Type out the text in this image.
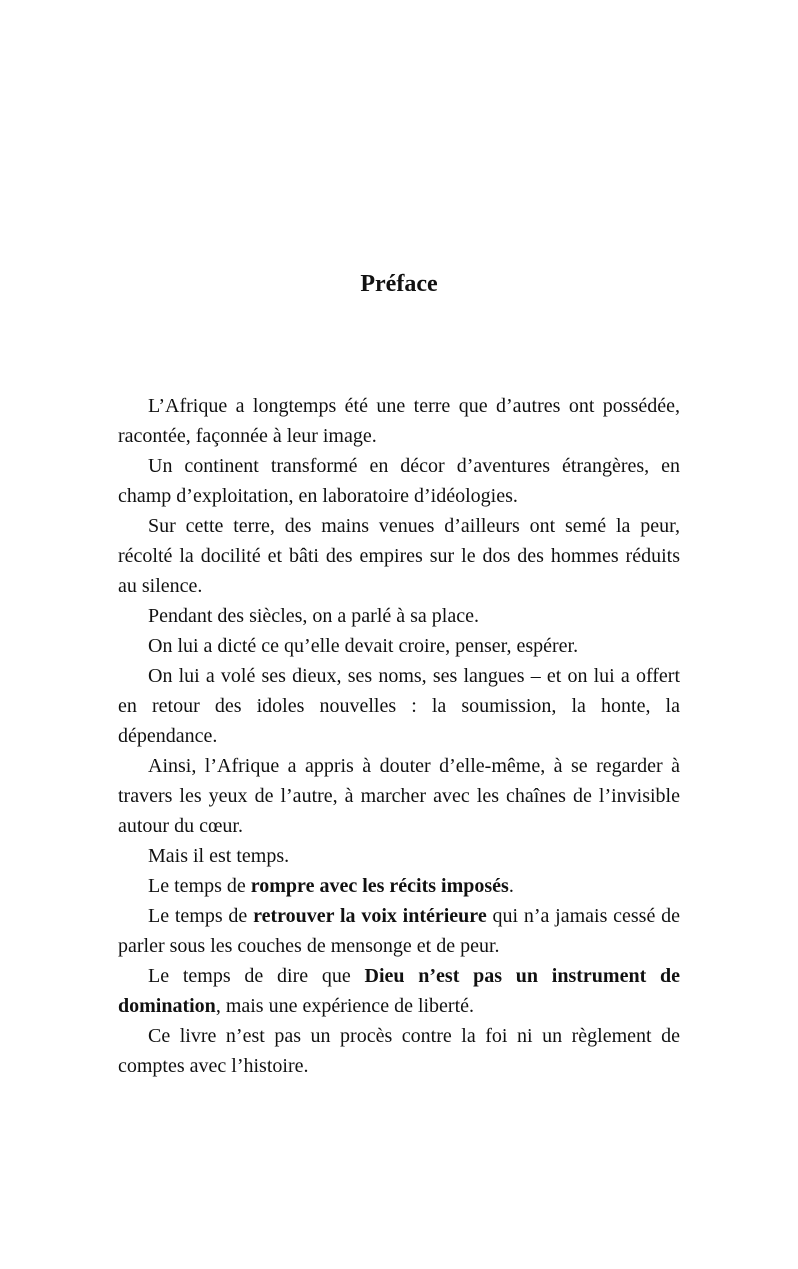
Préface

L’Afrique a longtemps été une terre que d’autres ont possédée, racontée, façonnée à leur image.

Un continent transformé en décor d’aventures étrangères, en champ d’exploitation, en laboratoire d’idéologies.

Sur cette terre, des mains venues d’ailleurs ont semé la peur, récolté la docilité et bâti des empires sur le dos des hommes réduits au silence.

Pendant des siècles, on a parlé à sa place.

On lui a dicté ce qu’elle devait croire, penser, espérer.

On lui a volé ses dieux, ses noms, ses langues – et on lui a offert en retour des idoles nouvelles : la soumission, la honte, la dépendance.

Ainsi, l’Afrique a appris à douter d’elle-même, à se regarder à travers les yeux de l’autre, à marcher avec les chaînes de l’invisible autour du cœur.

Mais il est temps.

Le temps de rompre avec les récits imposés.

Le temps de retrouver la voix intérieure qui n’a jamais cessé de parler sous les couches de mensonge et de peur.

Le temps de dire que Dieu n’est pas un instrument de domination, mais une expérience de liberté.

Ce livre n’est pas un procès contre la foi ni un règlement de comptes avec l’histoire.
